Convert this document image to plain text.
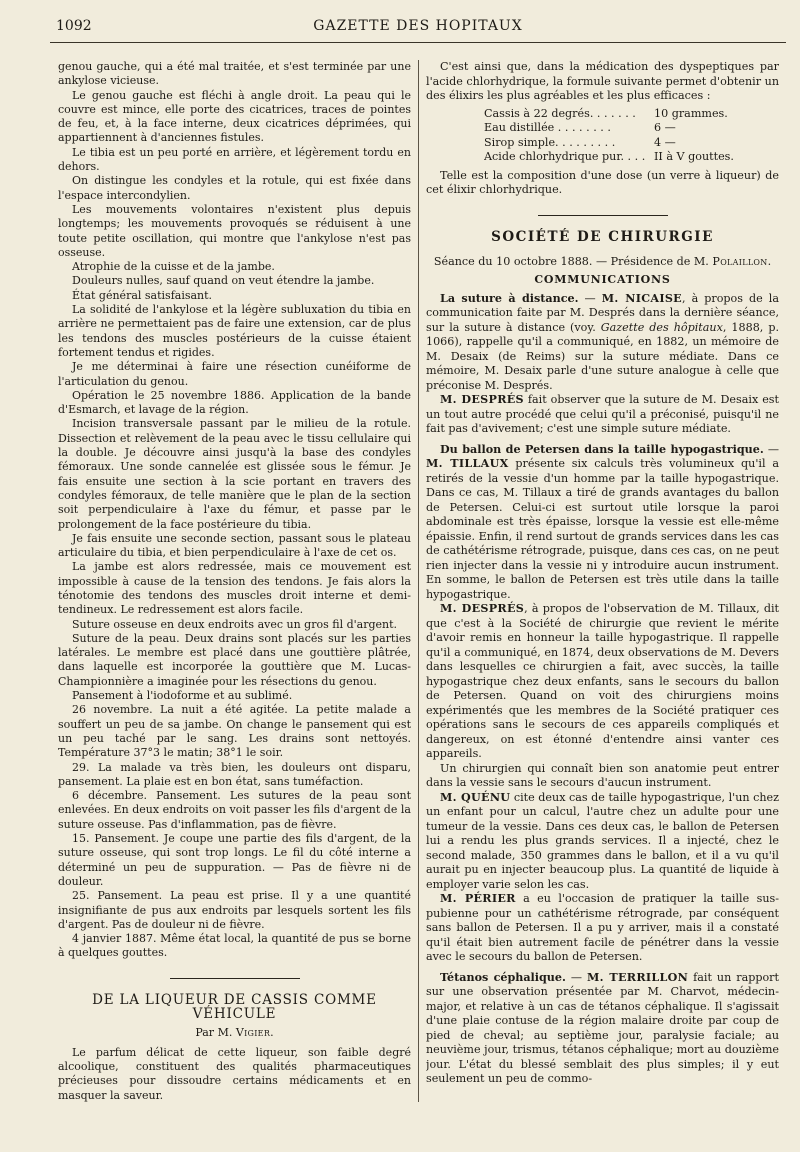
1092	GAZETTE DES HOPITAUX

genou gauche, qui a été mal traitée, et s'est terminée par une ankylose vicieuse.

Le genou gauche est fléchi à angle droit. La peau qui le couvre est mince, elle porte des cicatrices, traces de pointes de feu, et, à la face interne, deux cicatrices déprimées, qui appartiennent à d'anciennes fistules.

Le tibia est un peu porté en arrière, et légèrement tordu en dehors.

On distingue les condyles et la rotule, qui est fixée dans l'espace intercondylien.

Les mouvements volontaires n'existent plus depuis longtemps; les mouvements provoqués se réduisent à une toute petite oscillation, qui montre que l'ankylose n'est pas osseuse.

Atrophie de la cuisse et de la jambe.

Douleurs nulles, sauf quand on veut étendre la jambe.

État général satisfaisant.

La solidité de l'ankylose et la légère subluxation du tibia en arrière ne permettaient pas de faire une extension, car de plus les tendons des muscles postérieurs de la cuisse étaient fortement tendus et rigides.

Je me déterminai à faire une résection cunéiforme de l'articulation du genou.

Opération le 25 novembre 1886. Application de la bande d'Esmarch, et lavage de la région.

Incision transversale passant par le milieu de la rotule. Dissection et relèvement de la peau avec le tissu cellulaire qui la double. Je découvre ainsi jusqu'à la base des condyles fémoraux. Une sonde cannelée est glissée sous le fémur. Je fais ensuite une section à la scie portant en travers des condyles fémoraux, de telle manière que le plan de la section soit perpendiculaire à l'axe du fémur, et passe par le prolongement de la face postérieure du tibia.

Je fais ensuite une seconde section, passant sous le plateau articulaire du tibia, et bien perpendiculaire à l'axe de cet os.

La jambe est alors redressée, mais ce mouvement est impossible à cause de la tension des tendons. Je fais alors la ténotomie des tendons des muscles droit interne et demi-tendineux. Le redressement est alors facile.

Suture osseuse en deux endroits avec un gros fil d'argent.

Suture de la peau. Deux drains sont placés sur les parties latérales. Le membre est placé dans une gouttière plâtrée, dans laquelle est incorporée la gouttière que M. Lucas-Championnière a imaginée pour les résections du genou.

Pansement à l'iodoforme et au sublimé.

26 novembre. La nuit a été agitée. La petite malade a souffert un peu de sa jambe. On change le pansement qui est un peu taché par le sang. Les drains sont nettoyés. Température 37°3 le matin; 38°1 le soir.

29. La malade va très bien, les douleurs ont disparu, pansement. La plaie est en bon état, sans tuméfaction.

6 décembre. Pansement. Les sutures de la peau sont enlevées. En deux endroits on voit passer les fils d'argent de la suture osseuse. Pas d'inflammation, pas de fièvre.

15. Pansement. Je coupe une partie des fils d'argent, de la suture osseuse, qui sont trop longs. Le fil du côté interne a déterminé un peu de suppuration. — Pas de fièvre ni de douleur.

25. Pansement. La peau est prise. Il y a une quantité insignifiante de pus aux endroits par lesquels sortent les fils d'argent. Pas de douleur ni de fièvre.

4 janvier 1887. Même état local, la quantité de pus se borne à quelques gouttes.

DE LA LIQUEUR DE CASSIS COMME VÉHICULE
Par M. Vigier.

Le parfum délicat de cette liqueur, son faible degré alcoolique, constituent des qualités pharmaceutiques précieuses pour dissoudre certains médicaments et en masquer la saveur.

C'est ainsi que, dans la médication des dyspeptiques par l'acide chlorhydrique, la formule suivante permet d'obtenir un des élixirs les plus agréables et les plus efficaces :

Cassis à 22 degrés. . . . . . .	10 grammes.
Eau distillée . . . . . . . .	6 —
Sirop simple. . . . . . . . .	4 —
Acide chlorhydrique pur. . . . II à V gouttes.

Telle est la composition d'une dose (un verre à liqueur) de cet élixir chlorhydrique.

SOCIÉTÉ DE CHIRURGIE
Séance du 10 octobre 1888. — Présidence de M. Polaillon.
COMMUNICATIONS

La suture à distance. — M. NICAISE, à propos de la communication faite par M. Després dans la dernière séance, sur la suture à distance (voy. Gazette des hôpitaux, 1888, p. 1066), rappelle qu'il a communiqué, en 1882, un mémoire de M. Desaix (de Reims) sur la suture médiate. Dans ce mémoire, M. Desaix parle d'une suture analogue à celle que préconise M. Després.

M. DESPRÉS fait observer que la suture de M. Desaix est un tout autre procédé que celui qu'il a préconisé, puisqu'il ne fait pas d'avivement; c'est une simple suture médiate.

Du ballon de Petersen dans la taille hypogastrique. — M. TILLAUX présente six calculs très volumineux qu'il a retirés de la vessie d'un homme par la taille hypogastrique. Dans ce cas, M. Tillaux a tiré de grands avantages du ballon de Petersen. Celui-ci est surtout utile lorsque la paroi abdominale est très épaisse, lorsque la vessie est elle-même épaissie. Enfin, il rend surtout de grands services dans les cas de cathétérisme rétrograde, puisque, dans ces cas, on ne peut rien injecter dans la vessie ni y introduire aucun instrument. En somme, le ballon de Petersen est très utile dans la taille hypogastrique.

M. DESPRÉS, à propos de l'observation de M. Tillaux, dit que c'est à la Société de chirurgie que revient le mérite d'avoir remis en honneur la taille hypogastrique. Il rappelle qu'il a communiqué, en 1874, deux observations de M. Devers dans lesquelles ce chirurgien a fait, avec succès, la taille hypogastrique chez deux enfants, sans le secours du ballon de Petersen. Quand on voit des chirurgiens moins expérimentés que les membres de la Société pratiquer ces opérations sans le secours de ces appareils compliqués et dangereux, on est étonné d'entendre ainsi vanter ces appareils.

Un chirurgien qui connaît bien son anatomie peut entrer dans la vessie sans le secours d'aucun instrument.

M. QUÉNU cite deux cas de taille hypogastrique, l'un chez un enfant pour un calcul, l'autre chez un adulte pour une tumeur de la vessie. Dans ces deux cas, le ballon de Petersen lui a rendu les plus grands services. Il a injecté, chez le second malade, 350 grammes dans le ballon, et il a vu qu'il aurait pu en injecter beaucoup plus. La quantité de liquide à employer varie selon les cas.

M. PÉRIER a eu l'occasion de pratiquer la taille sus-pubienne pour un cathétérisme rétrograde, par conséquent sans ballon de Petersen. Il a pu y arriver, mais il a constaté qu'il était bien autrement facile de pénétrer dans la vessie avec le secours du ballon de Petersen.

Tétanos céphalique. — M. TERRILLON fait un rapport sur une observation présentée par M. Charvot, médecin-major, et relative à un cas de tétanos céphalique. Il s'agissait d'une plaie contuse de la région malaire droite par coup de pied de cheval; au septième jour, paralysie faciale; au neuvième jour, trismus, tétanos céphalique; mort au douzième jour. L'état du blessé semblait des plus simples; il y eut seulement un peu de commo-
